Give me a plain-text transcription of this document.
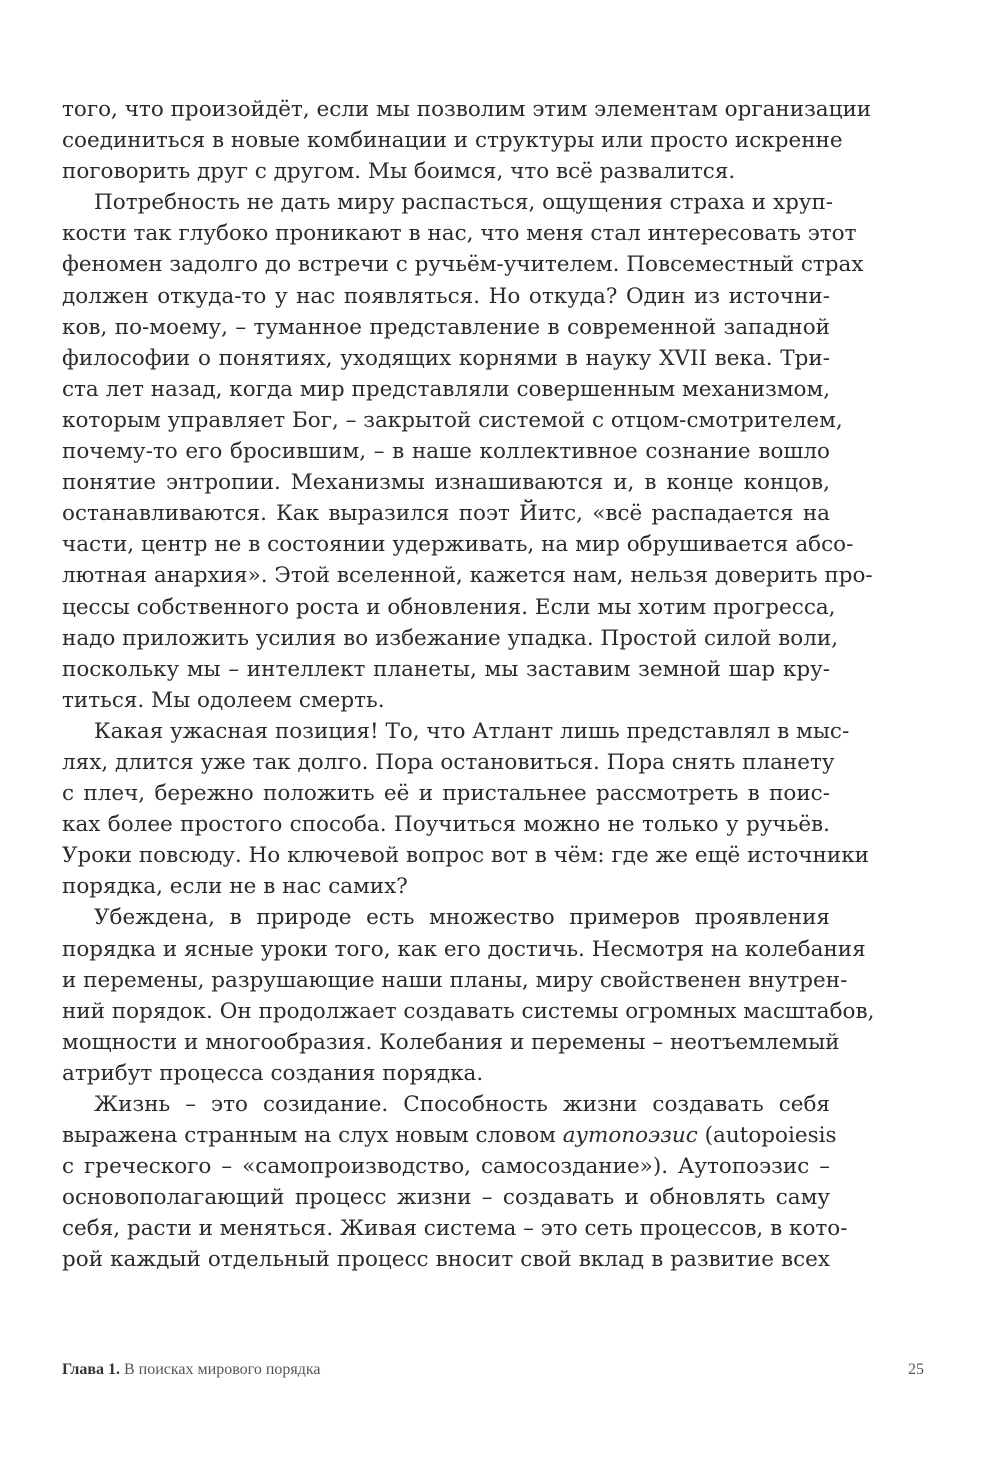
того, что произойдёт, если мы позволим этим элементам организации
соединиться в новые комбинации и структуры или просто искренне
поговорить друг с другом. Мы боимся, что всё развалится.
Потребность не дать миру распасться, ощущения страха и хруп-
кости так глубоко проникают в нас, что меня стал интересовать этот
феномен задолго до встречи с ручьём-учителем. Повсеместный страх
должен откуда-то у нас появляться. Но откуда? Один из источни-
ков, по-моему, – туманное представление в современной западной
философии о понятиях, уходящих корнями в науку XVII века. Три-
ста лет назад, когда мир представляли совершенным механизмом,
которым управляет Бог, – закрытой системой с отцом-смотрителем,
почему-то его бросившим, – в наше коллективное сознание вошло
понятие энтропии. Механизмы изнашиваются и, в конце концов,
останавливаются. Как выразился поэт Йитс, «всё распадается на
части, центр не в состоянии удерживать, на мир обрушивается абсо-
лютная анархия». Этой вселенной, кажется нам, нельзя доверить про-
цессы собственного роста и обновления. Если мы хотим прогресса,
надо приложить усилия во избежание упадка. Простой силой воли,
поскольку мы – интеллект планеты, мы заставим земной шар кру-
титься. Мы одолеем смерть.
Какая ужасная позиция! То, что Атлант лишь представлял в мыс-
лях, длится уже так долго. Пора остановиться. Пора снять планету
с плеч, бережно положить её и пристальнее рассмотреть в поис-
ках более простого способа. Поучиться можно не только у ручьёв.
Уроки повсюду. Но ключевой вопрос вот в чём: где же ещё источники
порядка, если не в нас самих?
Убеждена, в природе есть множество примеров проявления
порядка и ясные уроки того, как его достичь. Несмотря на колебания
и перемены, разрушающие наши планы, миру свойственен внутрен-
ний порядок. Он продолжает создавать системы огромных масштабов,
мощности и многообразия. Колебания и перемены – неотъемлемый
атрибут процесса создания порядка.
Жизнь – это созидание. Способность жизни создавать себя
выражена странным на слух новым словом аутопоэзис (autopoiesis
с греческого – «самопроизводство, самосоздание»). Аутопоэзис –
основополагающий процесс жизни – создавать и обновлять саму
себя, расти и меняться. Живая система – это сеть процессов, в кото-
рой каждый отдельный процесс вносит свой вклад в развитие всех
Глава 1. В поисках мирового порядка	25
